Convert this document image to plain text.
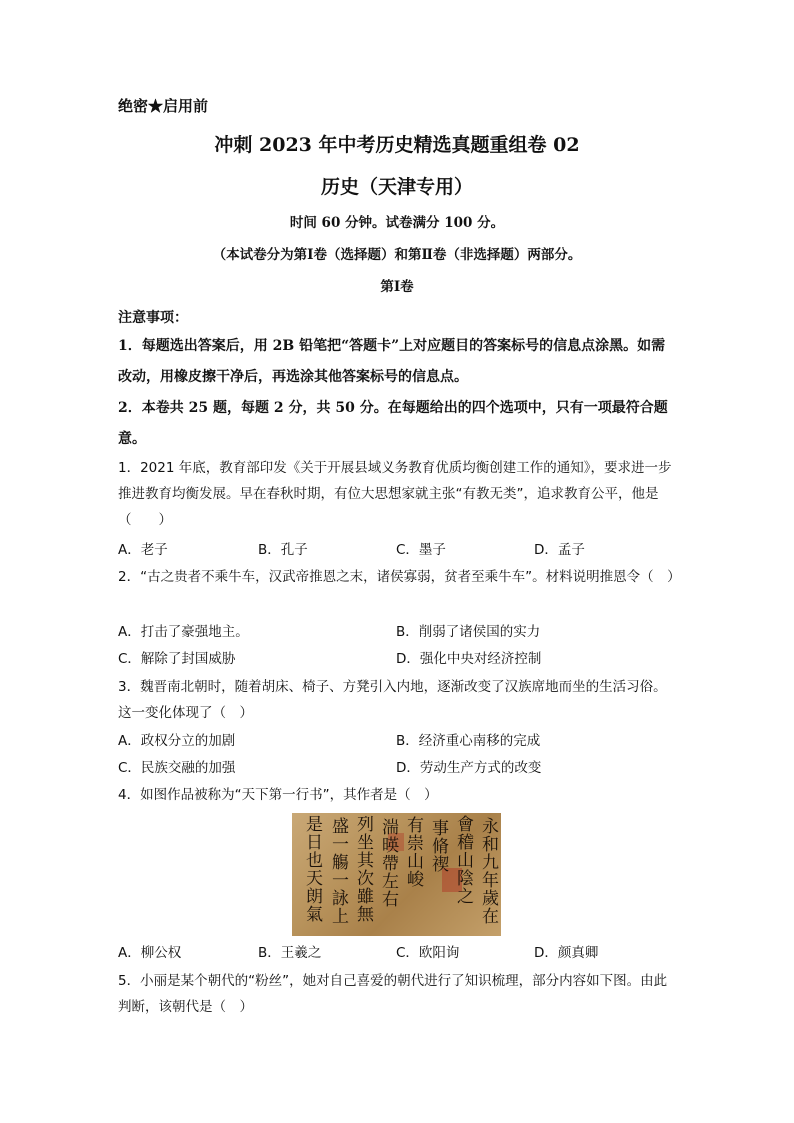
绝密★启用前
冲刺 2023 年中考历史精选真题重组卷 02
历史（天津专用）
时间 60 分钟。试卷满分 100 分。
（本试卷分为第Ⅰ卷（选择题）和第Ⅱ卷（非选择题）两部分。
第Ⅰ卷
注意事项：
1．每题选出答案后，用 2B 铅笔把“答题卡”上对应题目的答案标号的信息点涂黑。如需改动，用橡皮擦干净后，再选涂其他答案标号的信息点。
2．本卷共 25 题，每题 2 分，共 50 分。在每题给出的四个选项中，只有一项最符合题意。
1．2021 年底，教育部印发《关于开展县域义务教育优质均衡创建工作的通知》，要求进一步推进教育均衡发展。早在春秋时期，有位大思想家就主张“有教无类”，追求教育公平，他是（　　）
A．老子	B．孔子	C．墨子	D．孟子
2．“古之贵者不乘牛车，汉武帝推恩之末，诸侯寡弱，贫者至乘牛车”。材料说明推恩令（　）
A．打击了豪强地主。	B．削弱了诸侯国的实力
C．解除了封国威胁	D．强化中央对经济控制
3．魏晋南北朝时，随着胡床、椅子、方凳引入内地，逐渐改变了汉族席地而坐的生活习俗。这一变化体现了（　）
A．政权分立的加剧	B．经济重心南移的完成
C．民族交融的加强	D．劳动生产方式的改变
4．如图作品被称为“天下第一行书”，其作者是（　）
永和九年歲在
會稽山陰之
事脩禊
有崇山峻
湍暎帶左右
列坐其次雖無
盛一觴一詠上
是日也天朗氣
A．柳公权	B．王羲之	C．欧阳询	D．颜真卿
5．小丽是某个朝代的“粉丝”，她对自己喜爱的朝代进行了知识梳理，部分内容如下图。由此判断，该朝代是（　）
